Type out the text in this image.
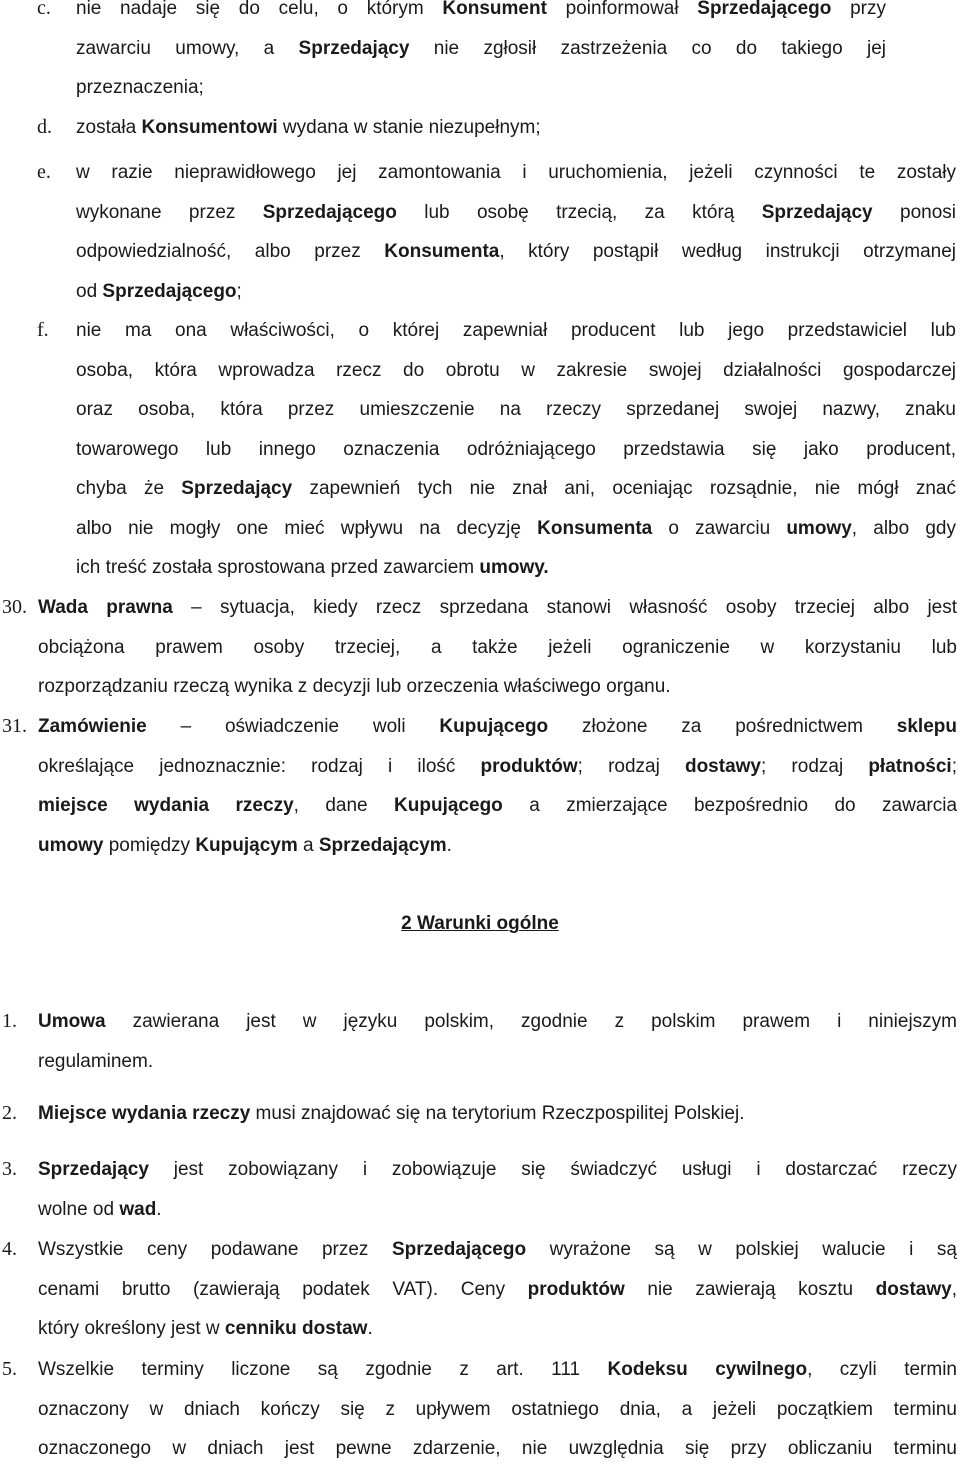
c. nie nadaje się do celu, o którym Konsument poinformował Sprzedającego przy
zawarciu umowy, a Sprzedający nie zgłosił zastrzeżenia co do takiego jej
przeznaczenia;
d. została Konsumentowi wydana w stanie niezupełnym;
e. w razie nieprawidłowego jej zamontowania i uruchomienia, jeżeli czynności te zostały
wykonane przez Sprzedającego lub osobę trzecią, za którą Sprzedający ponosi
odpowiedzialność, albo przez Konsumenta, który postąpił według instrukcji otrzymanej
od Sprzedającego;
f. nie ma ona właściwości, o której zapewniał producent lub jego przedstawiciel lub
osoba, która wprowadza rzecz do obrotu w zakresie swojej działalności gospodarczej
oraz osoba, która przez umieszczenie na rzeczy sprzedanej swojej nazwy, znaku
towarowego lub innego oznaczenia odróżniającego przedstawia się jako producent,
chyba że Sprzedający zapewnień tych nie znał ani, oceniając rozsądnie, nie mógł znać
albo nie mogły one mieć wpływu na decyzję Konsumenta o zawarciu umowy, albo gdy
ich treść została sprostowana przed zawarciem umowy.
30. Wada prawna – sytuacja, kiedy rzecz sprzedana stanowi własność osoby trzeciej albo jest
obciążona prawem osoby trzeciej, a także jeżeli ograniczenie w korzystaniu lub
rozporządzaniu rzeczą wynika z decyzji lub orzeczenia właściwego organu.
31. Zamówienie – oświadczenie woli Kupującego złożone za pośrednictwem sklepu
określające jednoznacznie: rodzaj i ilość produktów; rodzaj dostawy; rodzaj płatności;
miejsce wydania rzeczy, dane Kupującego a zmierzające bezpośrednio do zawarcia
umowy pomiędzy Kupującym a Sprzedającym.
2 Warunki ogólne
1. Umowa zawierana jest w języku polskim, zgodnie z polskim prawem i niniejszym
regulaminem.
2. Miejsce wydania rzeczy musi znajdować się na terytorium Rzeczpospilitej Polskiej.
3. Sprzedający jest zobowiązany i zobowiązuje się świadczyć usługi i dostarczać rzeczy
wolne od wad.
4. Wszystkie ceny podawane przez Sprzedającego wyrażone są w polskiej walucie i są
cenami brutto (zawierają podatek VAT). Ceny produktów nie zawierają kosztu dostawy,
który określony jest w cenniku dostaw.
5. Wszelkie terminy liczone są zgodnie z art. 111 Kodeksu cywilnego, czyli termin
oznaczony w dniach kończy się z upływem ostatniego dnia, a jeżeli początkiem terminu
oznaczonego w dniach jest pewne zdarzenie, nie uwzględnia się przy obliczaniu terminu
